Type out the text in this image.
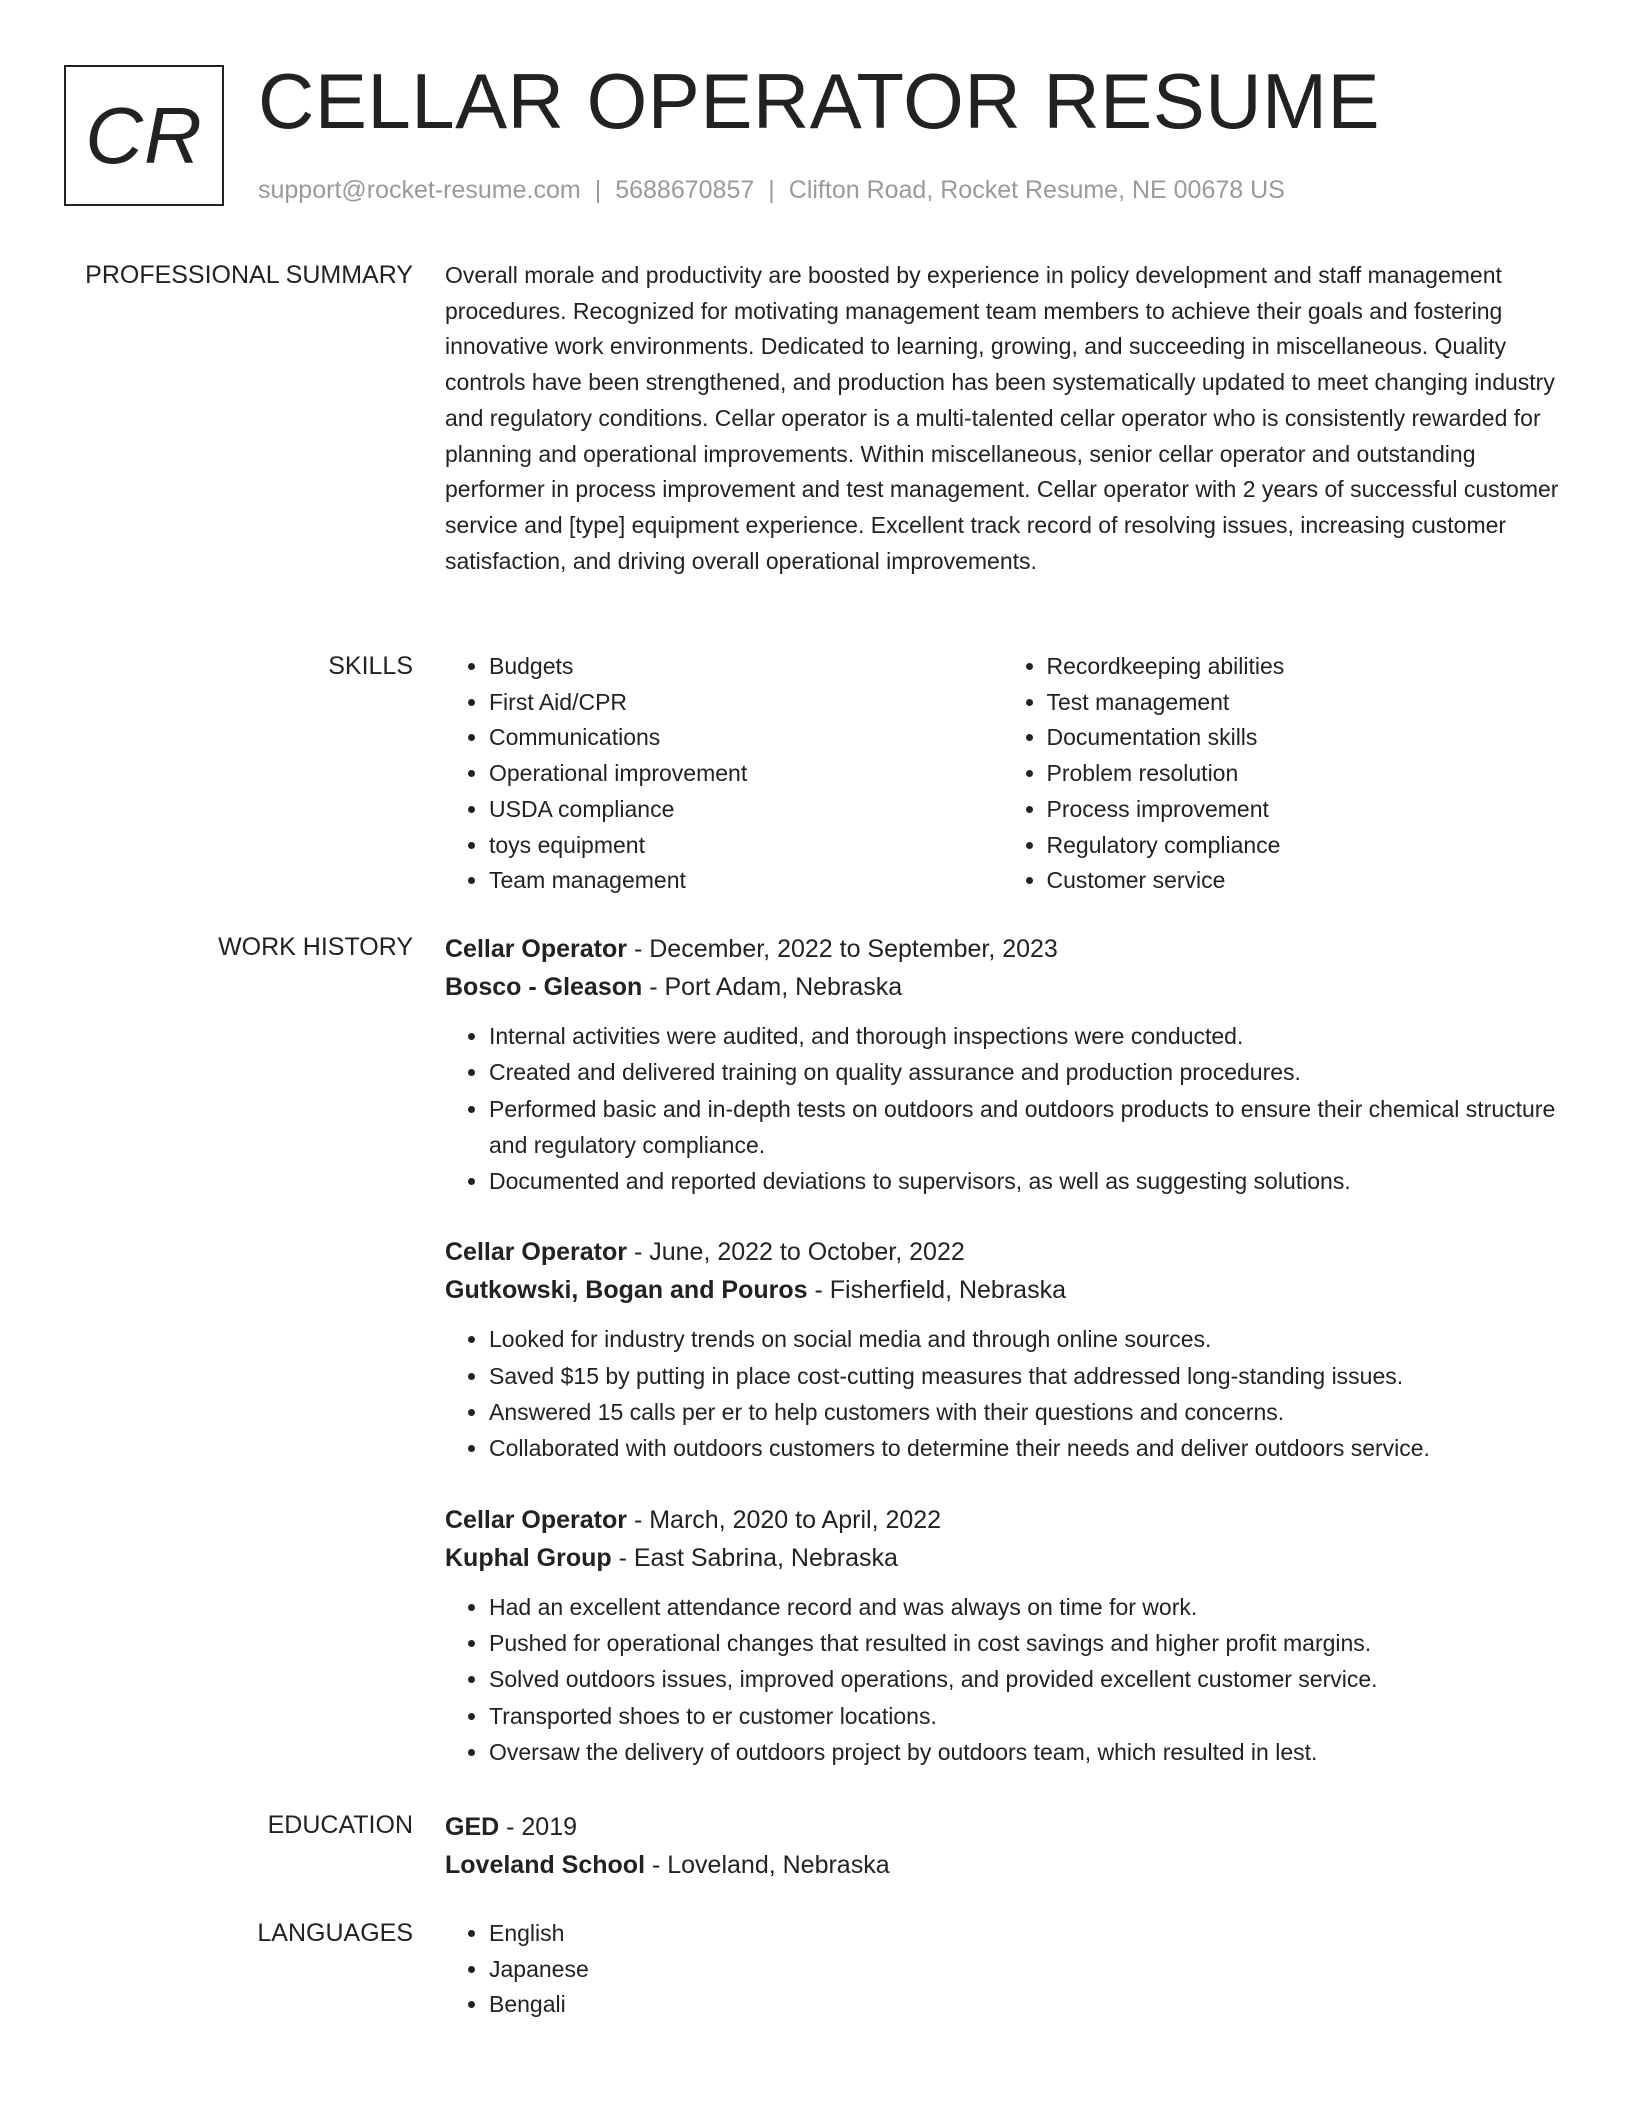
CR CELLAR OPERATOR RESUME
support@rocket-resume.com | 5688670857 | Clifton Road, Rocket Resume, NE 00678 US
PROFESSIONAL SUMMARY Overall morale and productivity are boosted by experience in policy development and staff management procedures. Recognized for motivating management team members to achieve their goals and fostering innovative work environments. Dedicated to learning, growing, and succeeding in miscellaneous. Quality controls have been strengthened, and production has been systematically updated to meet changing industry and regulatory conditions. Cellar operator is a multi-talented cellar operator who is consistently rewarded for planning and operational improvements. Within miscellaneous, senior cellar operator and outstanding performer in process improvement and test management. Cellar operator with 2 years of successful customer service and [type] equipment experience. Excellent track record of resolving issues, increasing customer satisfaction, and driving overall operational improvements.

SKILLS	• Budgets
• First Aid/CPR
• Communications
• Operational improvement
• USDA compliance
• toys equipment
• Team management
• Recordkeeping abilities
• Test management
• Documentation skills
• Problem resolution
• Process improvement
• Regulatory compliance
• Customer service
WORK HISTORY Cellar Operator - December, 2022 to September, 2023
Bosco - Gleason - Port Adam, Nebraska
• Internal activities were audited, and thorough inspections were conducted.
• Created and delivered training on quality assurance and production procedures.
• Performed basic and in-depth tests on outdoors and outdoors products to ensure their chemical structure and regulatory compliance.
• Documented and reported deviations to supervisors, as well as suggesting solutions.
Cellar Operator - June, 2022 to October, 2022
Gutkowski, Bogan and Pouros - Fisherfield, Nebraska
• Looked for industry trends on social media and through online sources.
• Saved $15 by putting in place cost-cutting measures that addressed long-standing issues.
• Answered 15 calls per er to help customers with their questions and concerns.
• Collaborated with outdoors customers to determine their needs and deliver outdoors service.
Cellar Operator - March, 2020 to April, 2022
Kuphal Group - East Sabrina, Nebraska
• Had an excellent attendance record and was always on time for work.
• Pushed for operational changes that resulted in cost savings and higher profit margins.
• Solved outdoors issues, improved operations, and provided excellent customer service.
• Transported shoes to er customer locations.
• Oversaw the delivery of outdoors project by outdoors team, which resulted in lest.
EDUCATION GED - 2019
Loveland School - Loveland, Nebraska
LANGUAGES	• English
• Japanese
• Bengali
